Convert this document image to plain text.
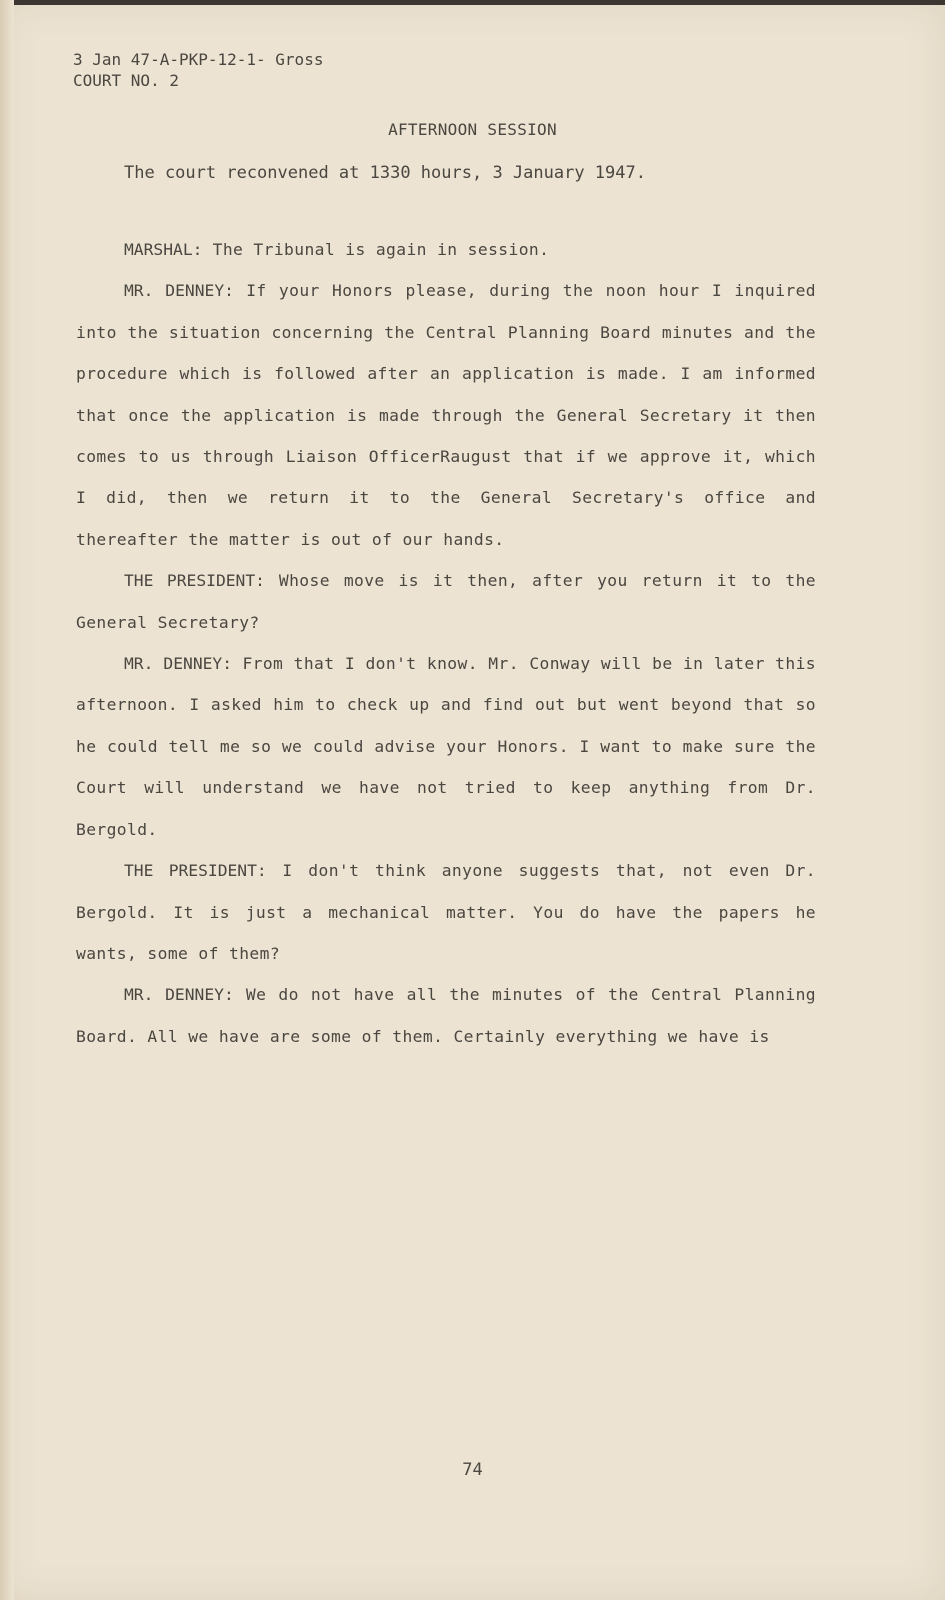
3 Jan 47-A-PKP-12-1- Gross
COURT NO. 2
AFTERNOON SESSION
The court reconvened at 1330 hours, 3 January 1947.

MARSHAL: The Tribunal is again in session.

MR. DENNEY: If your Honors please, during the noon hour I inquired into the situation concerning the Central Planning Board minutes and the procedure which is followed after an application is made. I am informed that once the application is made through the General Secretary it then comes to us through Liaison OfficerRaugust that if we approve it, which I did, then we return it to the General Secretary's office and thereafter the matter is out of our hands.

THE PRESIDENT: Whose move is it then, after you return it to the General Secretary?

MR. DENNEY: From that I don't know. Mr. Conway will be in later this afternoon. I asked him to check up and find out but went beyond that so he could tell me so we could advise your Honors. I want to make sure the Court will understand we have not tried to keep anything from Dr. Bergold.

THE PRESIDENT: I don't think anyone suggests that, not even Dr. Bergold. It is just a mechanical matter. You do have the papers he wants, some of them?

MR. DENNEY: We do not have all the minutes of the Central Planning Board. All we have are some of them. Certainly everything we have is

74
